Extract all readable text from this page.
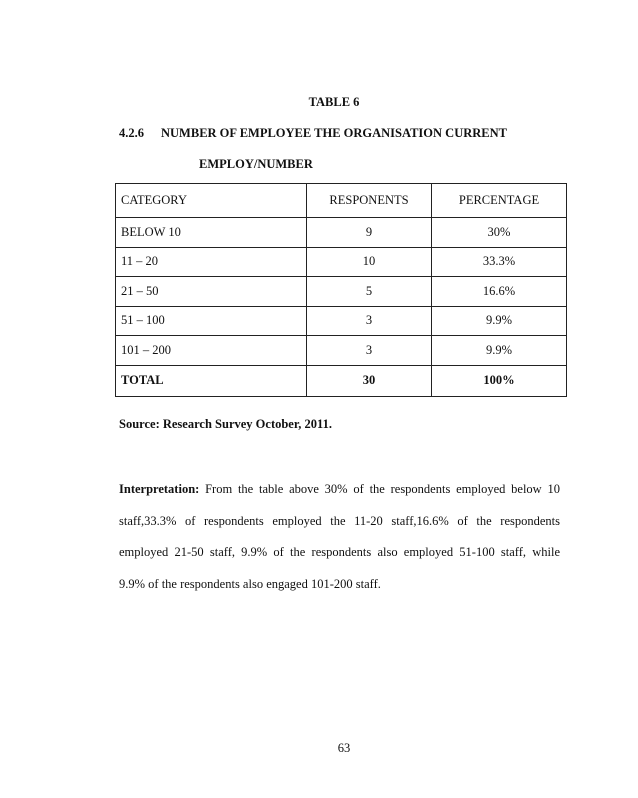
TABLE 6
4.2.6 NUMBER OF EMPLOYEE THE ORGANISATION CURRENT
EMPLOY/NUMBER
CATEGORY	RESPONENTS	PERCENTAGE
BELOW 10	9	30%
11 – 20	10	33.3%
21 – 50	5	16.6%
51 – 100	3	9.9%
101 – 200	3	9.9%
TOTAL	30	100%
Source: Research Survey October, 2011.
Interpretation: From the table above 30% of the respondents employed below 10
staff,33.3% of respondents employed the 11-20 staff,16.6% of the respondents
employed 21-50 staff, 9.9% of the respondents also employed 51-100 staff, while
9.9% of the respondents also engaged 101-200 staff.
63
